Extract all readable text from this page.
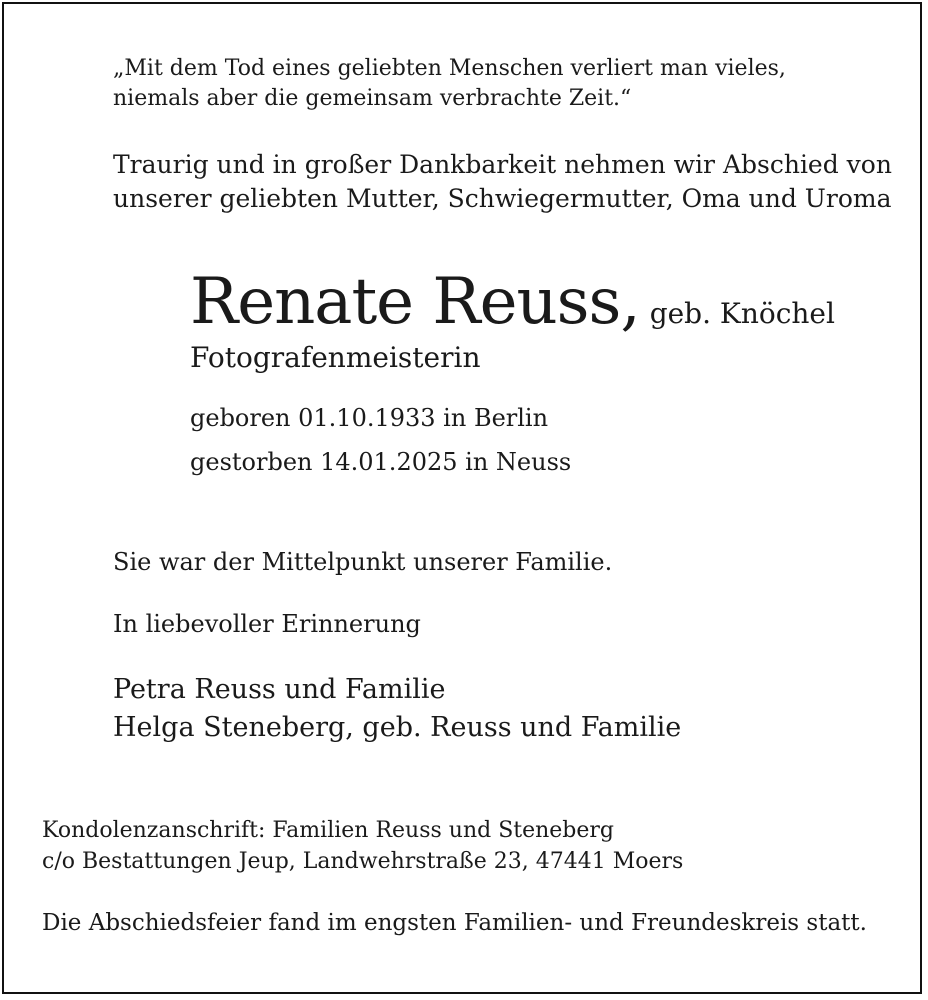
„Mit dem Tod eines geliebten Menschen verliert man vieles,
niemals aber die gemeinsam verbrachte Zeit.“
Traurig und in großer Dankbarkeit nehmen wir Abschied von
unserer geliebten Mutter, Schwiegermutter, Oma und Uroma
Renate Reuss, geb. Knöchel
Fotografenmeisterin
geboren 01.10.1933 in Berlin
gestorben 14.01.2025 in Neuss
Sie war der Mittelpunkt unserer Familie.
In liebevoller Erinnerung
Petra Reuss und Familie
Helga Steneberg, geb. Reuss und Familie
Kondolenzanschrift: Familien Reuss und Steneberg
c/o Bestattungen Jeup, Landwehrstraße 23, 47441 Moers
Die Abschiedsfeier fand im engsten Familien- und Freundeskreis statt.
